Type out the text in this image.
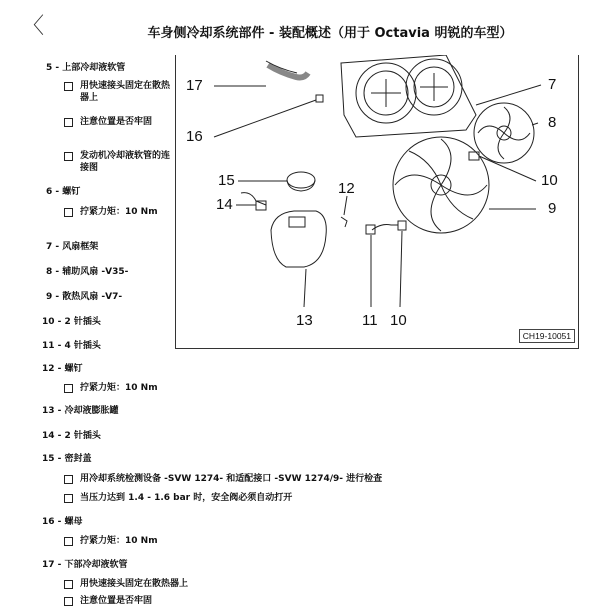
〈	车身侧冷却系统部件 - 装配概述（用于 Octavia 明锐的车型）
17
16
15
14
12
13	11 10
7
8
10
9
CH19-10051
5 - 上部冷却液软管
用快速接头固定在散热器上
注意位置是否牢固
发动机冷却液软管的连接图
6 - 螺钉
拧紧力矩：10 Nm
7 - 风扇框架
8 - 辅助风扇 -V35-
9 - 散热风扇 -V7-
10 - 2 针插头
11 - 4 针插头
12 - 螺钉
拧紧力矩：10 Nm
13 - 冷却液膨胀罐
14 - 2 针插头
15 - 密封盖
用冷却系统检测设备 -SVW 1274- 和适配接口 -SVW 1274/9- 进行检查
当压力达到 1.4 - 1.6 bar 时，安全阀必须自动打开
16 - 螺母
拧紧力矩：10 Nm
17 - 下部冷却液软管
用快速接头固定在散热器上
注意位置是否牢固
